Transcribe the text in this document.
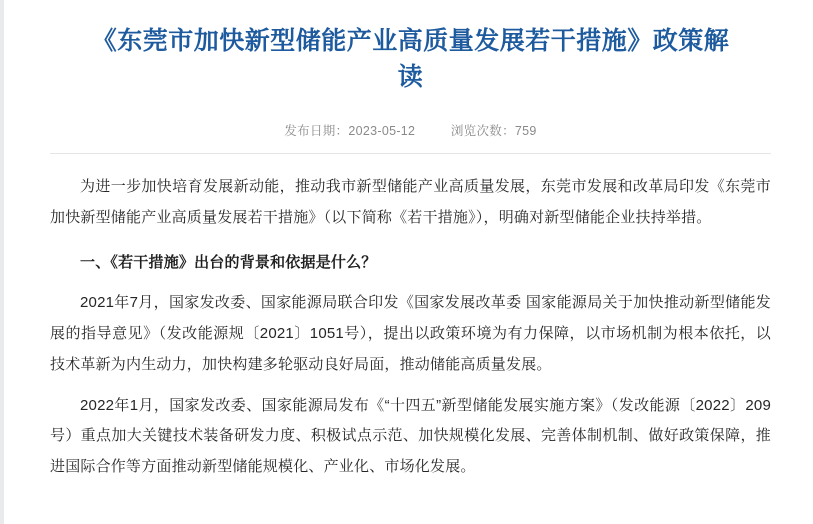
《东莞市加快新型储能产业高质量发展若干措施》政策解读
发布日期：2023-05-12	浏览次数：759

为进一步加快培育发展新动能，推动我市新型储能产业高质量发展，东莞市发展和改革局印发《东莞市加快新型储能产业高质量发展若干措施》（以下简称《若干措施》），明确对新型储能企业扶持举措。

一、《若干措施》出台的背景和依据是什么？

2021年7月，国家发改委、国家能源局联合印发《国家发展改革委 国家能源局关于加快推动新型储能发展的指导意见》（发改能源规〔2021〕1051号），提出以政策环境为有力保障，以市场机制为根本依托，以技术革新为内生动力，加快构建多轮驱动良好局面，推动储能高质量发展。

2022年1月，国家发改委、国家能源局发布《“十四五”新型储能发展实施方案》（发改能源〔2022〕209号）重点加大关键技术装备研发力度、积极试点示范、加快规模化发展、完善体制机制、做好政策保障，推进国际合作等方面推动新型储能规模化、产业化、市场化发展。
